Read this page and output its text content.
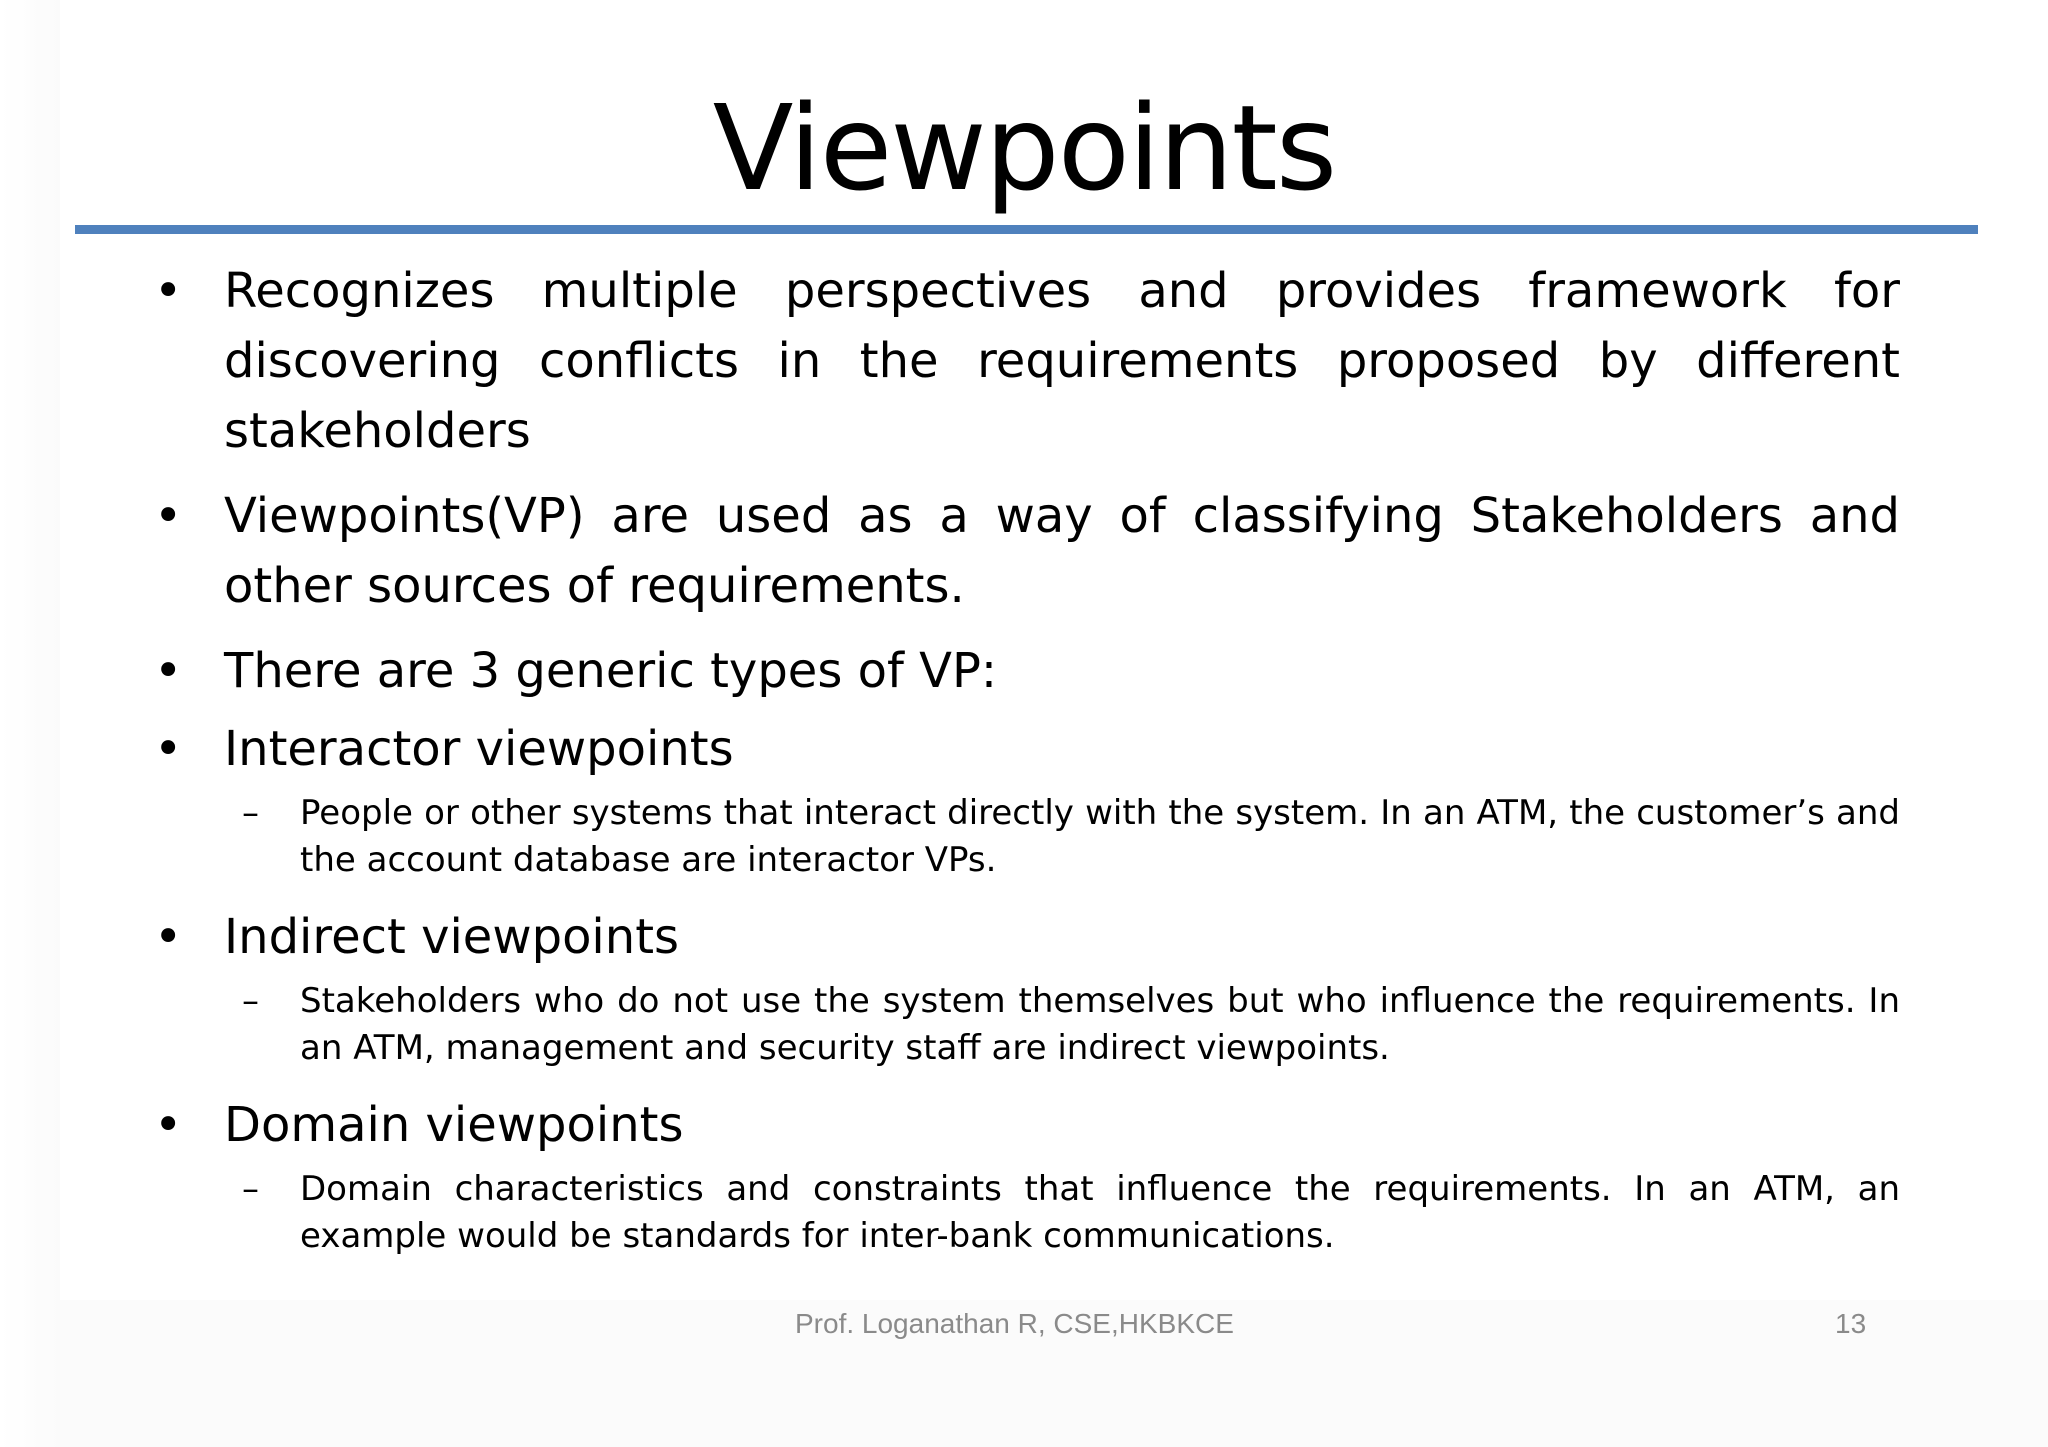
Viewpoints
• Recognizes multiple perspectives and provides framework for discovering conflicts in the requirements proposed by different stakeholders
• Viewpoints(VP) are used as a way of classifying Stakeholders and other sources of requirements.
• There are 3 generic types of VP:
• Interactor viewpoints
– People or other systems that interact directly with the system. In an ATM, the customer’s and the account database are interactor VPs.
• Indirect viewpoints
– Stakeholders who do not use the system themselves but who influence the requirements. In an ATM, management and security staff are indirect viewpoints.
• Domain viewpoints
– Domain characteristics and constraints that influence the requirements. In an ATM, an example would be standards for inter-bank communications.
Prof. Loganathan R, CSE,HKBKCE	13
